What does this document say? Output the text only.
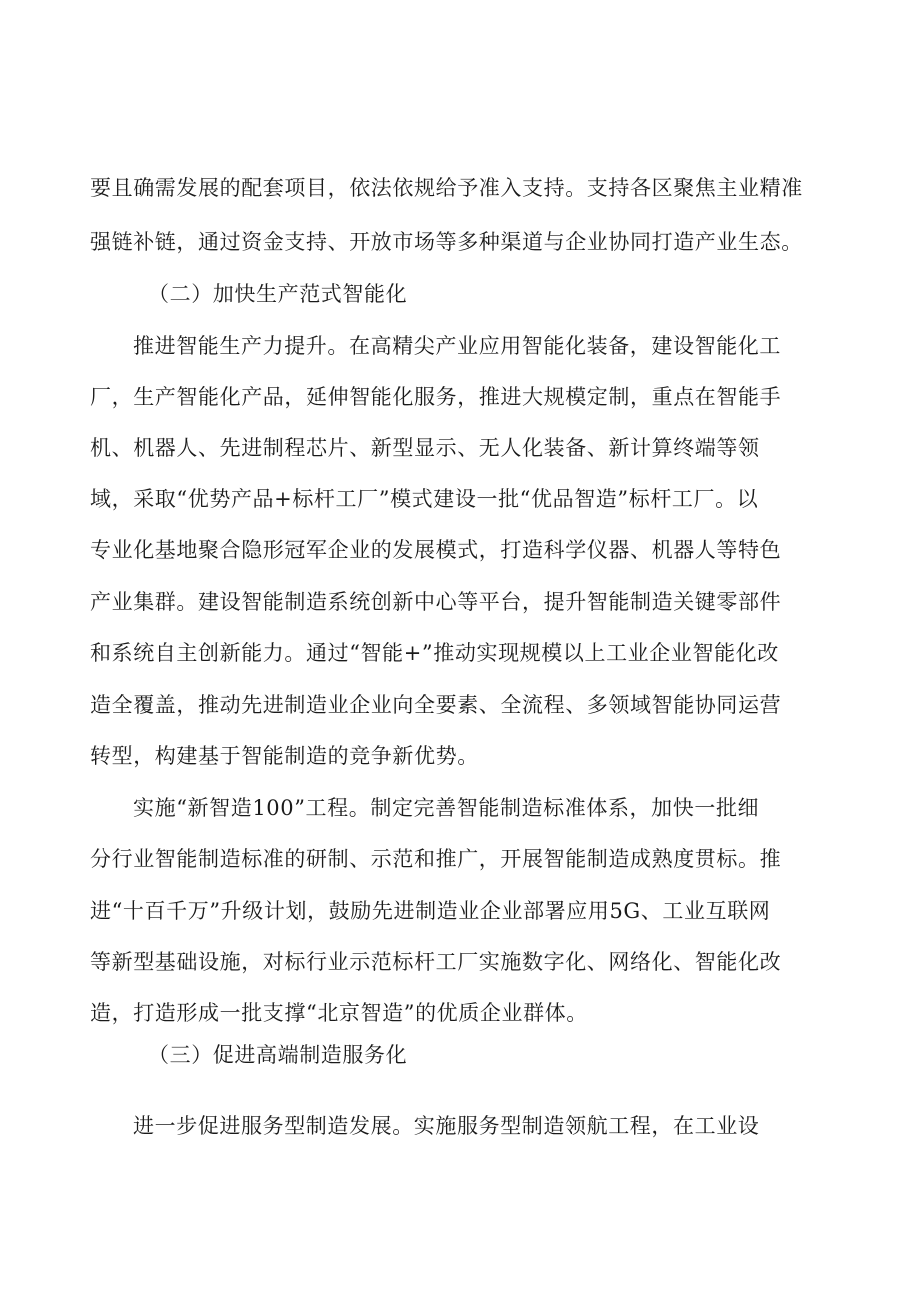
要且确需发展的配套项目，依法依规给予准入支持。支持各区聚焦主业精准
强链补链，通过资金支持、开放市场等多种渠道与企业协同打造产业生态。
（二）加快生产范式智能化
推进智能生产力提升。在高精尖产业应用智能化装备，建设智能化工
厂，生产智能化产品，延伸智能化服务，推进大规模定制，重点在智能手
机、机器人、先进制程芯片、新型显示、无人化装备、新计算终端等领
域，采取“优势产品+标杆工厂”模式建设一批“优品智造”标杆工厂。以
专业化基地聚合隐形冠军企业的发展模式，打造科学仪器、机器人等特色
产业集群。建设智能制造系统创新中心等平台，提升智能制造关键零部件
和系统自主创新能力。通过“智能+”推动实现规模以上工业企业智能化改
造全覆盖，推动先进制造业企业向全要素、全流程、多领域智能协同运营
转型，构建基于智能制造的竞争新优势。
实施“新智造100”工程。制定完善智能制造标准体系，加快一批细
分行业智能制造标准的研制、示范和推广，开展智能制造成熟度贯标。推
进“十百千万”升级计划，鼓励先进制造业企业部署应用5G、工业互联网
等新型基础设施，对标行业示范标杆工厂实施数字化、网络化、智能化改
造，打造形成一批支撑“北京智造”的优质企业群体。
（三）促进高端制造服务化
进一步促进服务型制造发展。实施服务型制造领航工程，在工业设
